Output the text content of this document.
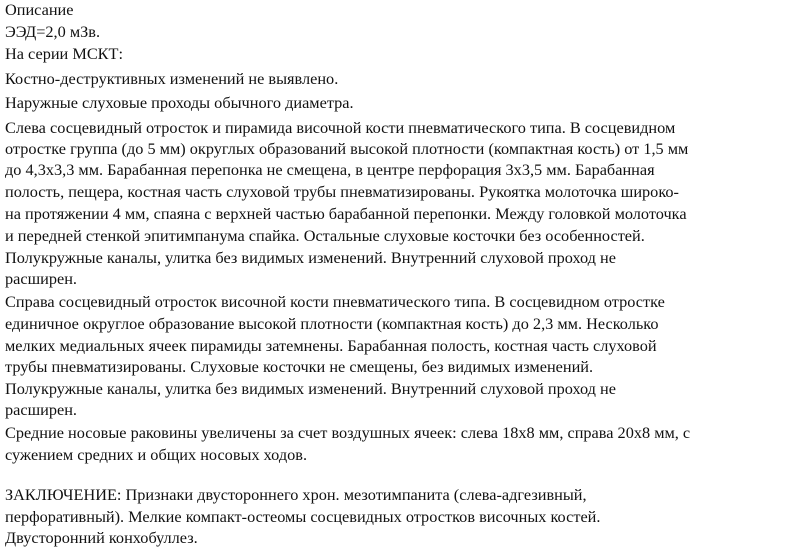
Описание
ЭЭД=2,0 мЗв.
На серии МСКТ:
Костно-деструктивных изменений не выявлено.
Наружные слуховые проходы обычного диаметра.
Слева сосцевидный отросток и пирамида височной кости пневматического типа. В сосцевидном
отростке группа (до 5 мм) округлых образований высокой плотности (компактная кость) от 1,5 мм
до 4,3x3,3 мм. Барабанная перепонка не смещена, в центре перфорация 3x3,5 мм. Барабанная
полость, пещера, костная часть слуховой трубы пневматизированы. Рукоятка молоточка широко-
на протяжении 4 мм, спаяна с верхней частью барабанной перепонки. Между головкой молоточка
и передней стенкой эпитимпанума спайка. Остальные слуховые косточки без особенностей.
Полукружные каналы, улитка без видимых изменений. Внутренний слуховой проход не
расширен.
Справа сосцевидный отросток височной кости пневматического типа. В сосцевидном отростке
единичное округлое образование высокой плотности (компактная кость) до 2,3 мм. Несколько
мелких медиальных ячеек пирамиды затемнены. Барабанная полость, костная часть слуховой
трубы пневматизированы. Слуховые косточки не смещены, без видимых изменений.
Полукружные каналы, улитка без видимых изменений. Внутренний слуховой проход не
расширен.
Средние носовые раковины увеличены за счет воздушных ячеек: слева 18x8 мм, справа 20x8 мм, с
сужением средних и общих носовых ходов.
ЗАКЛЮЧЕНИЕ: Признаки двустороннего хрон. мезотимпанита (слева-адгезивный,
перфоративный). Мелкие компакт-остеомы сосцевидных отростков височных костей.
Двусторонний конхобуллез.
